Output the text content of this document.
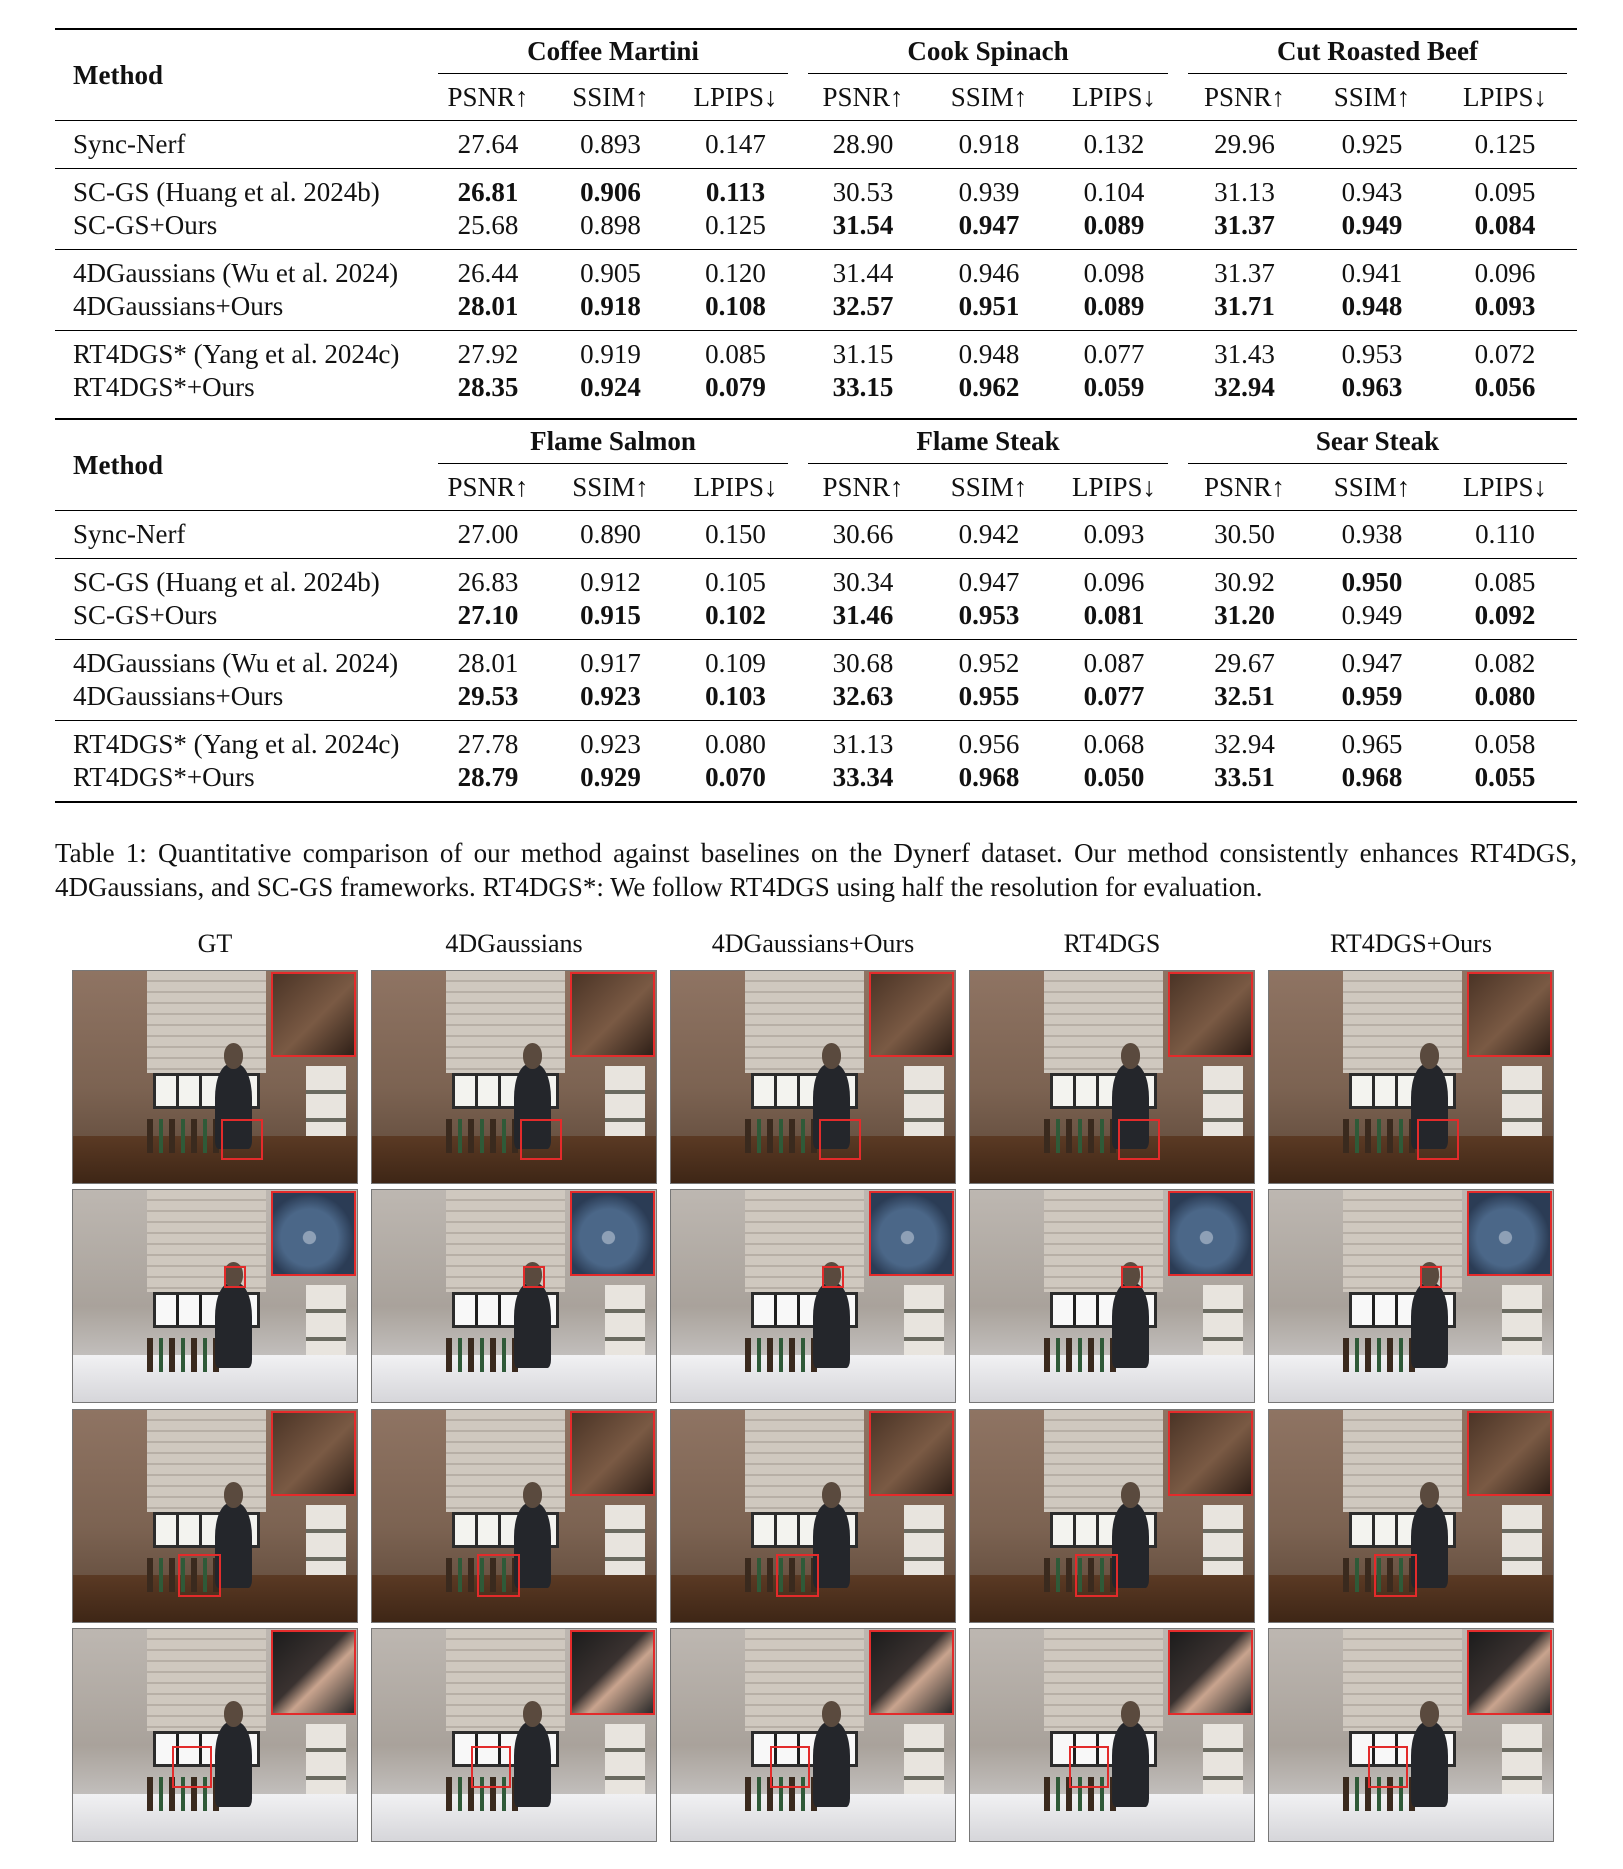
Method	Coffee Martini			Cook Spinach			Cut Roasted Beef		

	PSNR↑	SSIM↑	LPIPS↓	PSNR↑	SSIM↑	LPIPS↓	PSNR↑	SSIM↑	LPIPS↓
Sync-Nerf	27.64	0.893	0.147	28.90	0.918	0.132	29.96	0.925	0.125
SC-GS (Huang et al. 2024b)	26.81	0.906	0.113	30.53	0.939	0.104	31.13	0.943	0.095
SC-GS+Ours	25.68	0.898	0.125	31.54	0.947	0.089	31.37	0.949	0.084
4DGaussians (Wu et al. 2024)	26.44	0.905	0.120	31.44	0.946	0.098	31.37	0.941	0.096
4DGaussians+Ours	28.01	0.918	0.108	32.57	0.951	0.089	31.71	0.948	0.093
RT4DGS* (Yang et al. 2024c)	27.92	0.919	0.085	31.15	0.948	0.077	31.43	0.953	0.072
RT4DGS*+Ours	28.35	0.924	0.079	33.15	0.962	0.059	32.94	0.963	0.056
Method	Flame Salmon			Flame Steak			Sear Steak		

	PSNR↑	SSIM↑	LPIPS↓	PSNR↑	SSIM↑	LPIPS↓	PSNR↑	SSIM↑	LPIPS↓
Sync-Nerf	27.00	0.890	0.150	30.66	0.942	0.093	30.50	0.938	0.110
SC-GS (Huang et al. 2024b)	26.83	0.912	0.105	30.34	0.947	0.096	30.92	0.950	0.085
SC-GS+Ours	27.10	0.915	0.102	31.46	0.953	0.081	31.20	0.949	0.092
4DGaussians (Wu et al. 2024)	28.01	0.917	0.109	30.68	0.952	0.087	29.67	0.947	0.082
4DGaussians+Ours	29.53	0.923	0.103	32.63	0.955	0.077	32.51	0.959	0.080
RT4DGS* (Yang et al. 2024c)	27.78	0.923	0.080	31.13	0.956	0.068	32.94	0.965	0.058
RT4DGS*+Ours	28.79	0.929	0.070	33.34	0.968	0.050	33.51	0.968	0.055

Table 1: Quantitative comparison of our method against baselines on the Dynerf dataset. Our method consistently enhances RT4DGS, 4DGaussians, and SC-GS frameworks. RT4DGS*: We follow RT4DGS using half the resolution for evaluation.

GT	4DGaussians	4DGaussians+Ours	RT4DGS	RT4DGS+Ours
